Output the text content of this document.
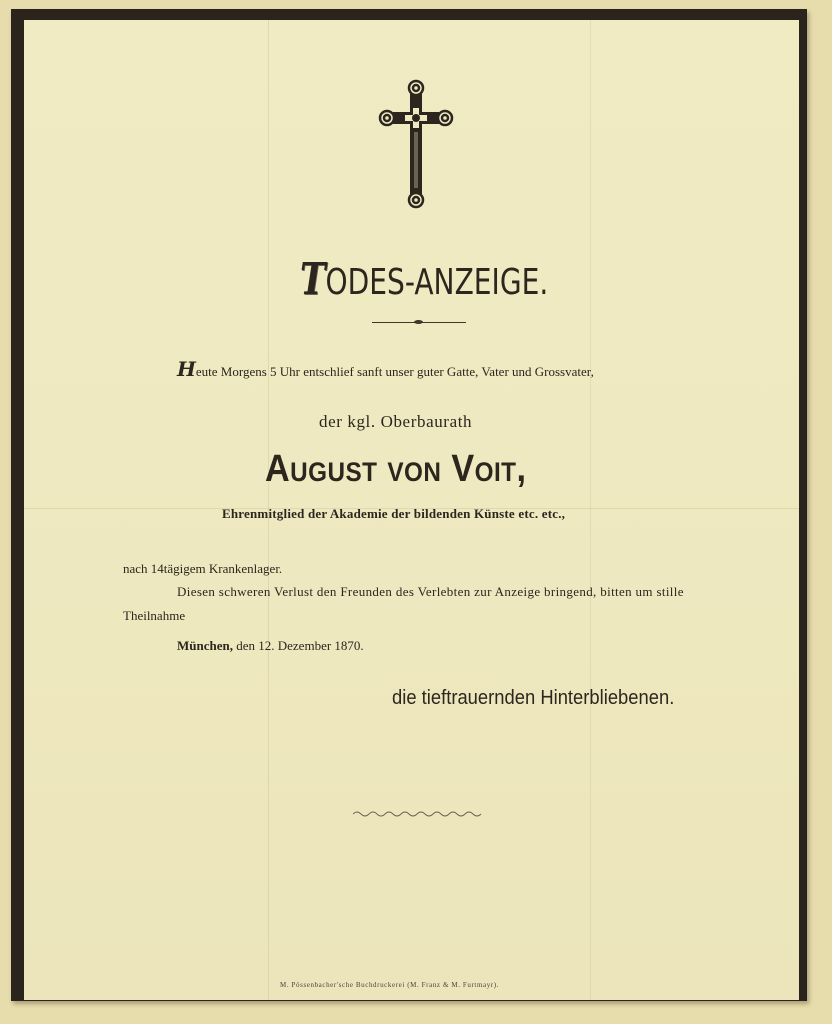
TODES-ANZEIGE.
Heute Morgens 5 Uhr entschlief sanft unser guter Gatte, Vater und Grossvater,
der kgl. Oberbaurath
August von Voit,
Ehrenmitglied der Akademie der bildenden Künste etc. etc.,
nach 14tägigem Krankenlager.
Diesen schweren Verlust den Freunden des Verlebten zur Anzeige bringend, bitten um stille
Theilnahme
München, den 12. Dezember 1870.
die tieftrauernden Hinterbliebenen.
M. Pössenbacher'sche Buchdruckerei (M. Franz & M. Furtmayr).
